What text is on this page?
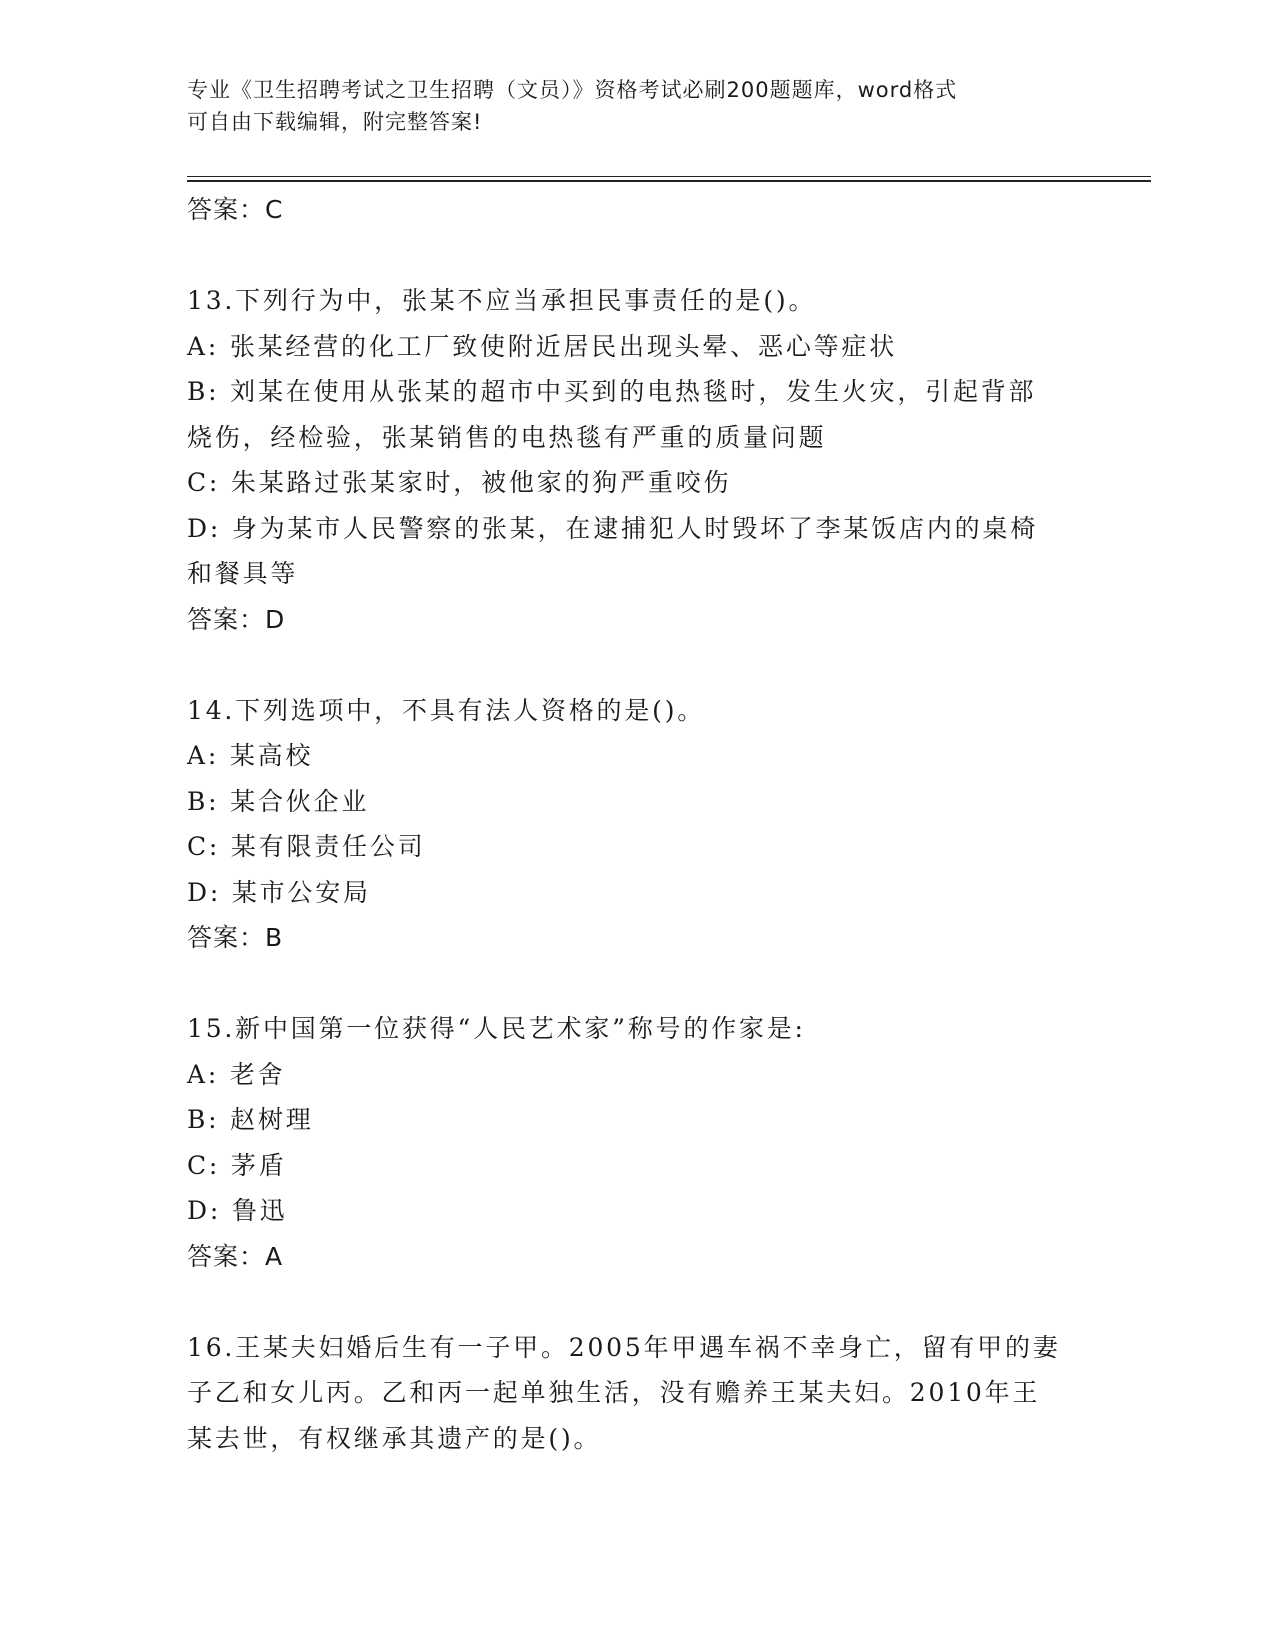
专业《卫生招聘考试之卫生招聘（文员）》资格考试必刷200题题库，word格式
可自由下载编辑，附完整答案!

答案：C

13.下列行为中，张某不应当承担民事责任的是()。

A: 张某经营的化工厂致使附近居民出现头晕、恶心等症状

B: 刘某在使用从张某的超市中买到的电热毯时，发生火灾，引起背部

烧伤，经检验，张某销售的电热毯有严重的质量问题

C: 朱某路过张某家时，被他家的狗严重咬伤

D: 身为某市人民警察的张某，在逮捕犯人时毁坏了李某饭店内的桌椅

和餐具等

答案：D

14.下列选项中，不具有法人资格的是()。

A: 某高校

B: 某合伙企业

C: 某有限责任公司

D: 某市公安局

答案：B

15.新中国第一位获得“人民艺术家”称号的作家是:

A: 老舍

B: 赵树理

C: 茅盾

D: 鲁迅

答案：A

16.王某夫妇婚后生有一子甲。2005年甲遇车祸不幸身亡，留有甲的妻

子乙和女儿丙。乙和丙一起单独生活，没有赡养王某夫妇。2010年王

某去世，有权继承其遗产的是()。
